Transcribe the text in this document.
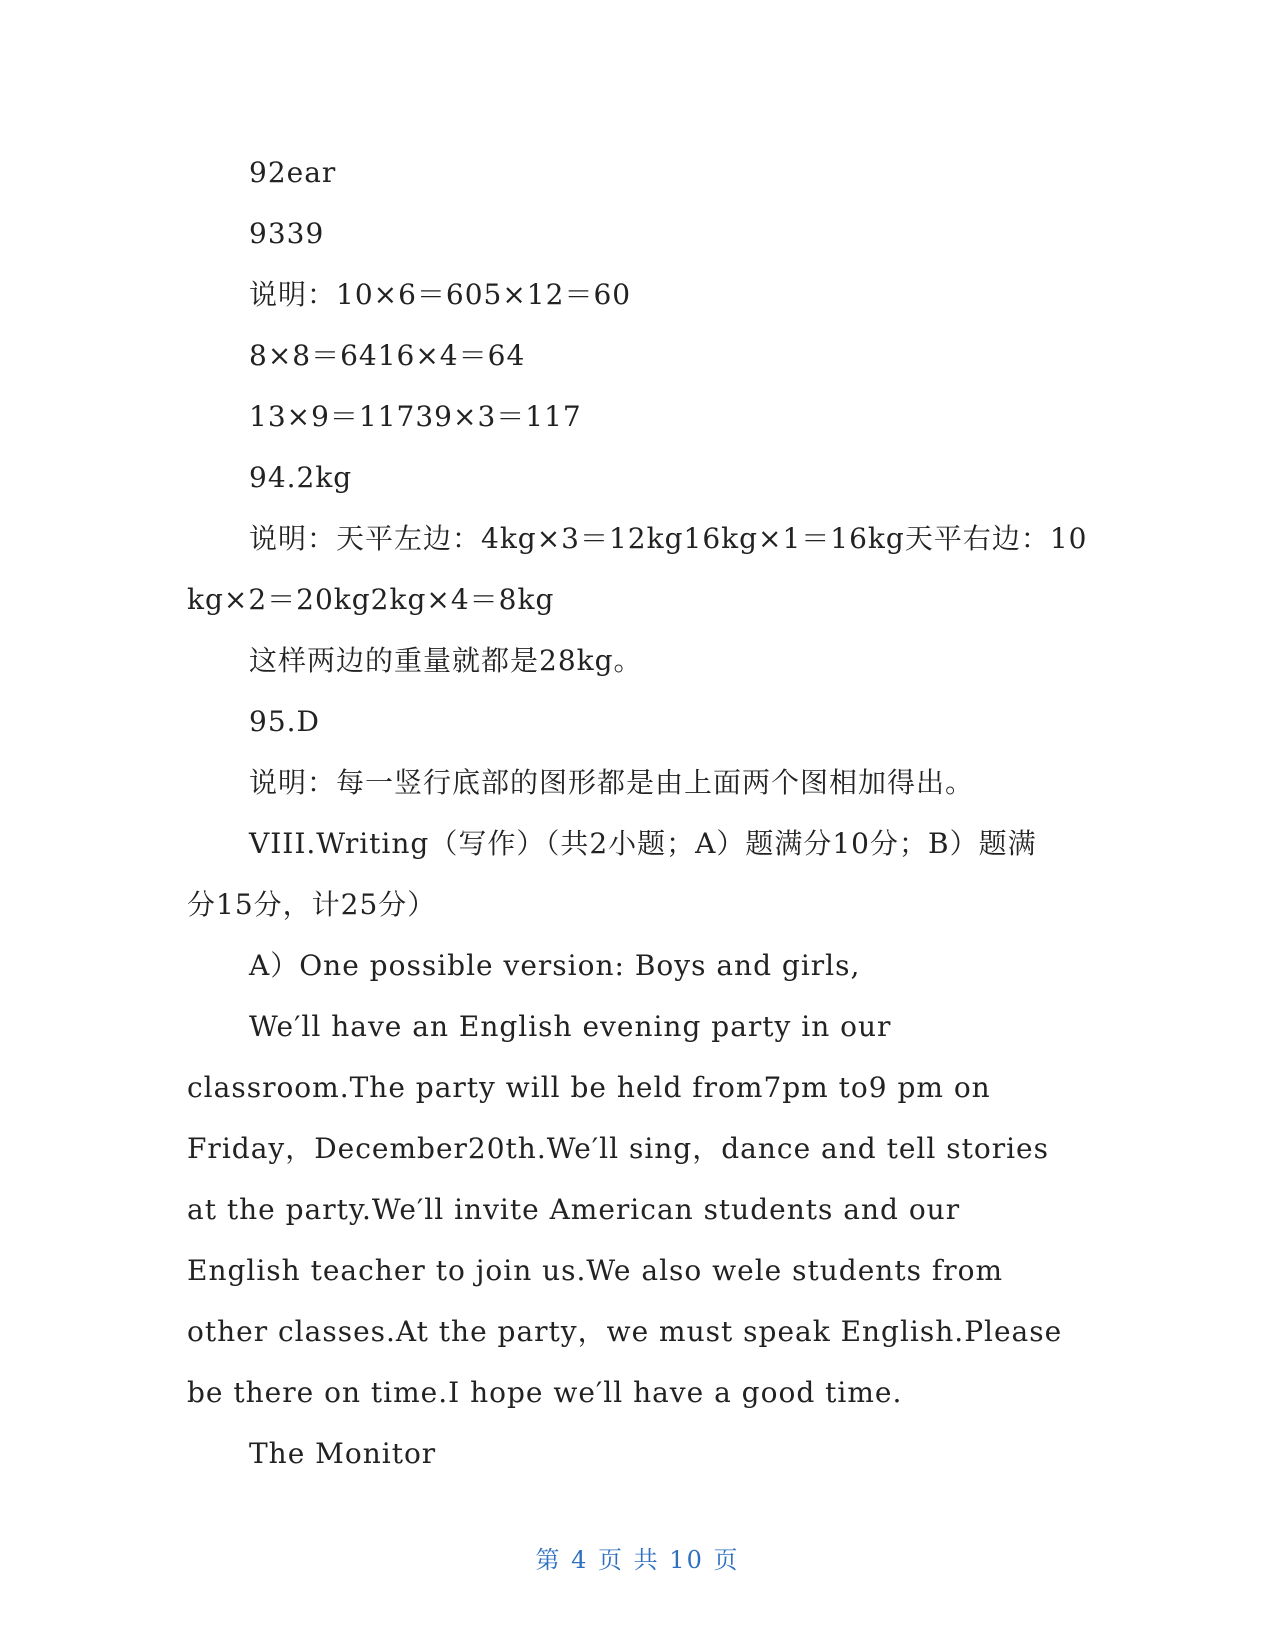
92ear
9339
说明：10×6＝605×12＝60
8×8＝6416×4＝64
13×9＝11739×3＝117
94.2kg
说明：天平左边：4kg×3＝12kg16kg×1＝16kg天平右边：10
kg×2＝20kg2kg×4＝8kg
这样两边的重量就都是28kg。
95.D
说明：每一竖行底部的图形都是由上面两个图相加得出。
VIII.Writing（写作）（共2小题；A）题满分10分；B）题满
分15分，计25分）
A）One possible version: Boys and girls,
We′ll have an English evening party in our
classroom.The party will be held from7pm to9 pm on
Friday，December20th.We′ll sing，dance and tell stories
at the party.We′ll invite American students and our
English teacher to join us.We also wele students from
other classes.At the party，we must speak English.Please
be there on time.I hope we′ll have a good time.
The Monitor
第 4 页 共 10 页
